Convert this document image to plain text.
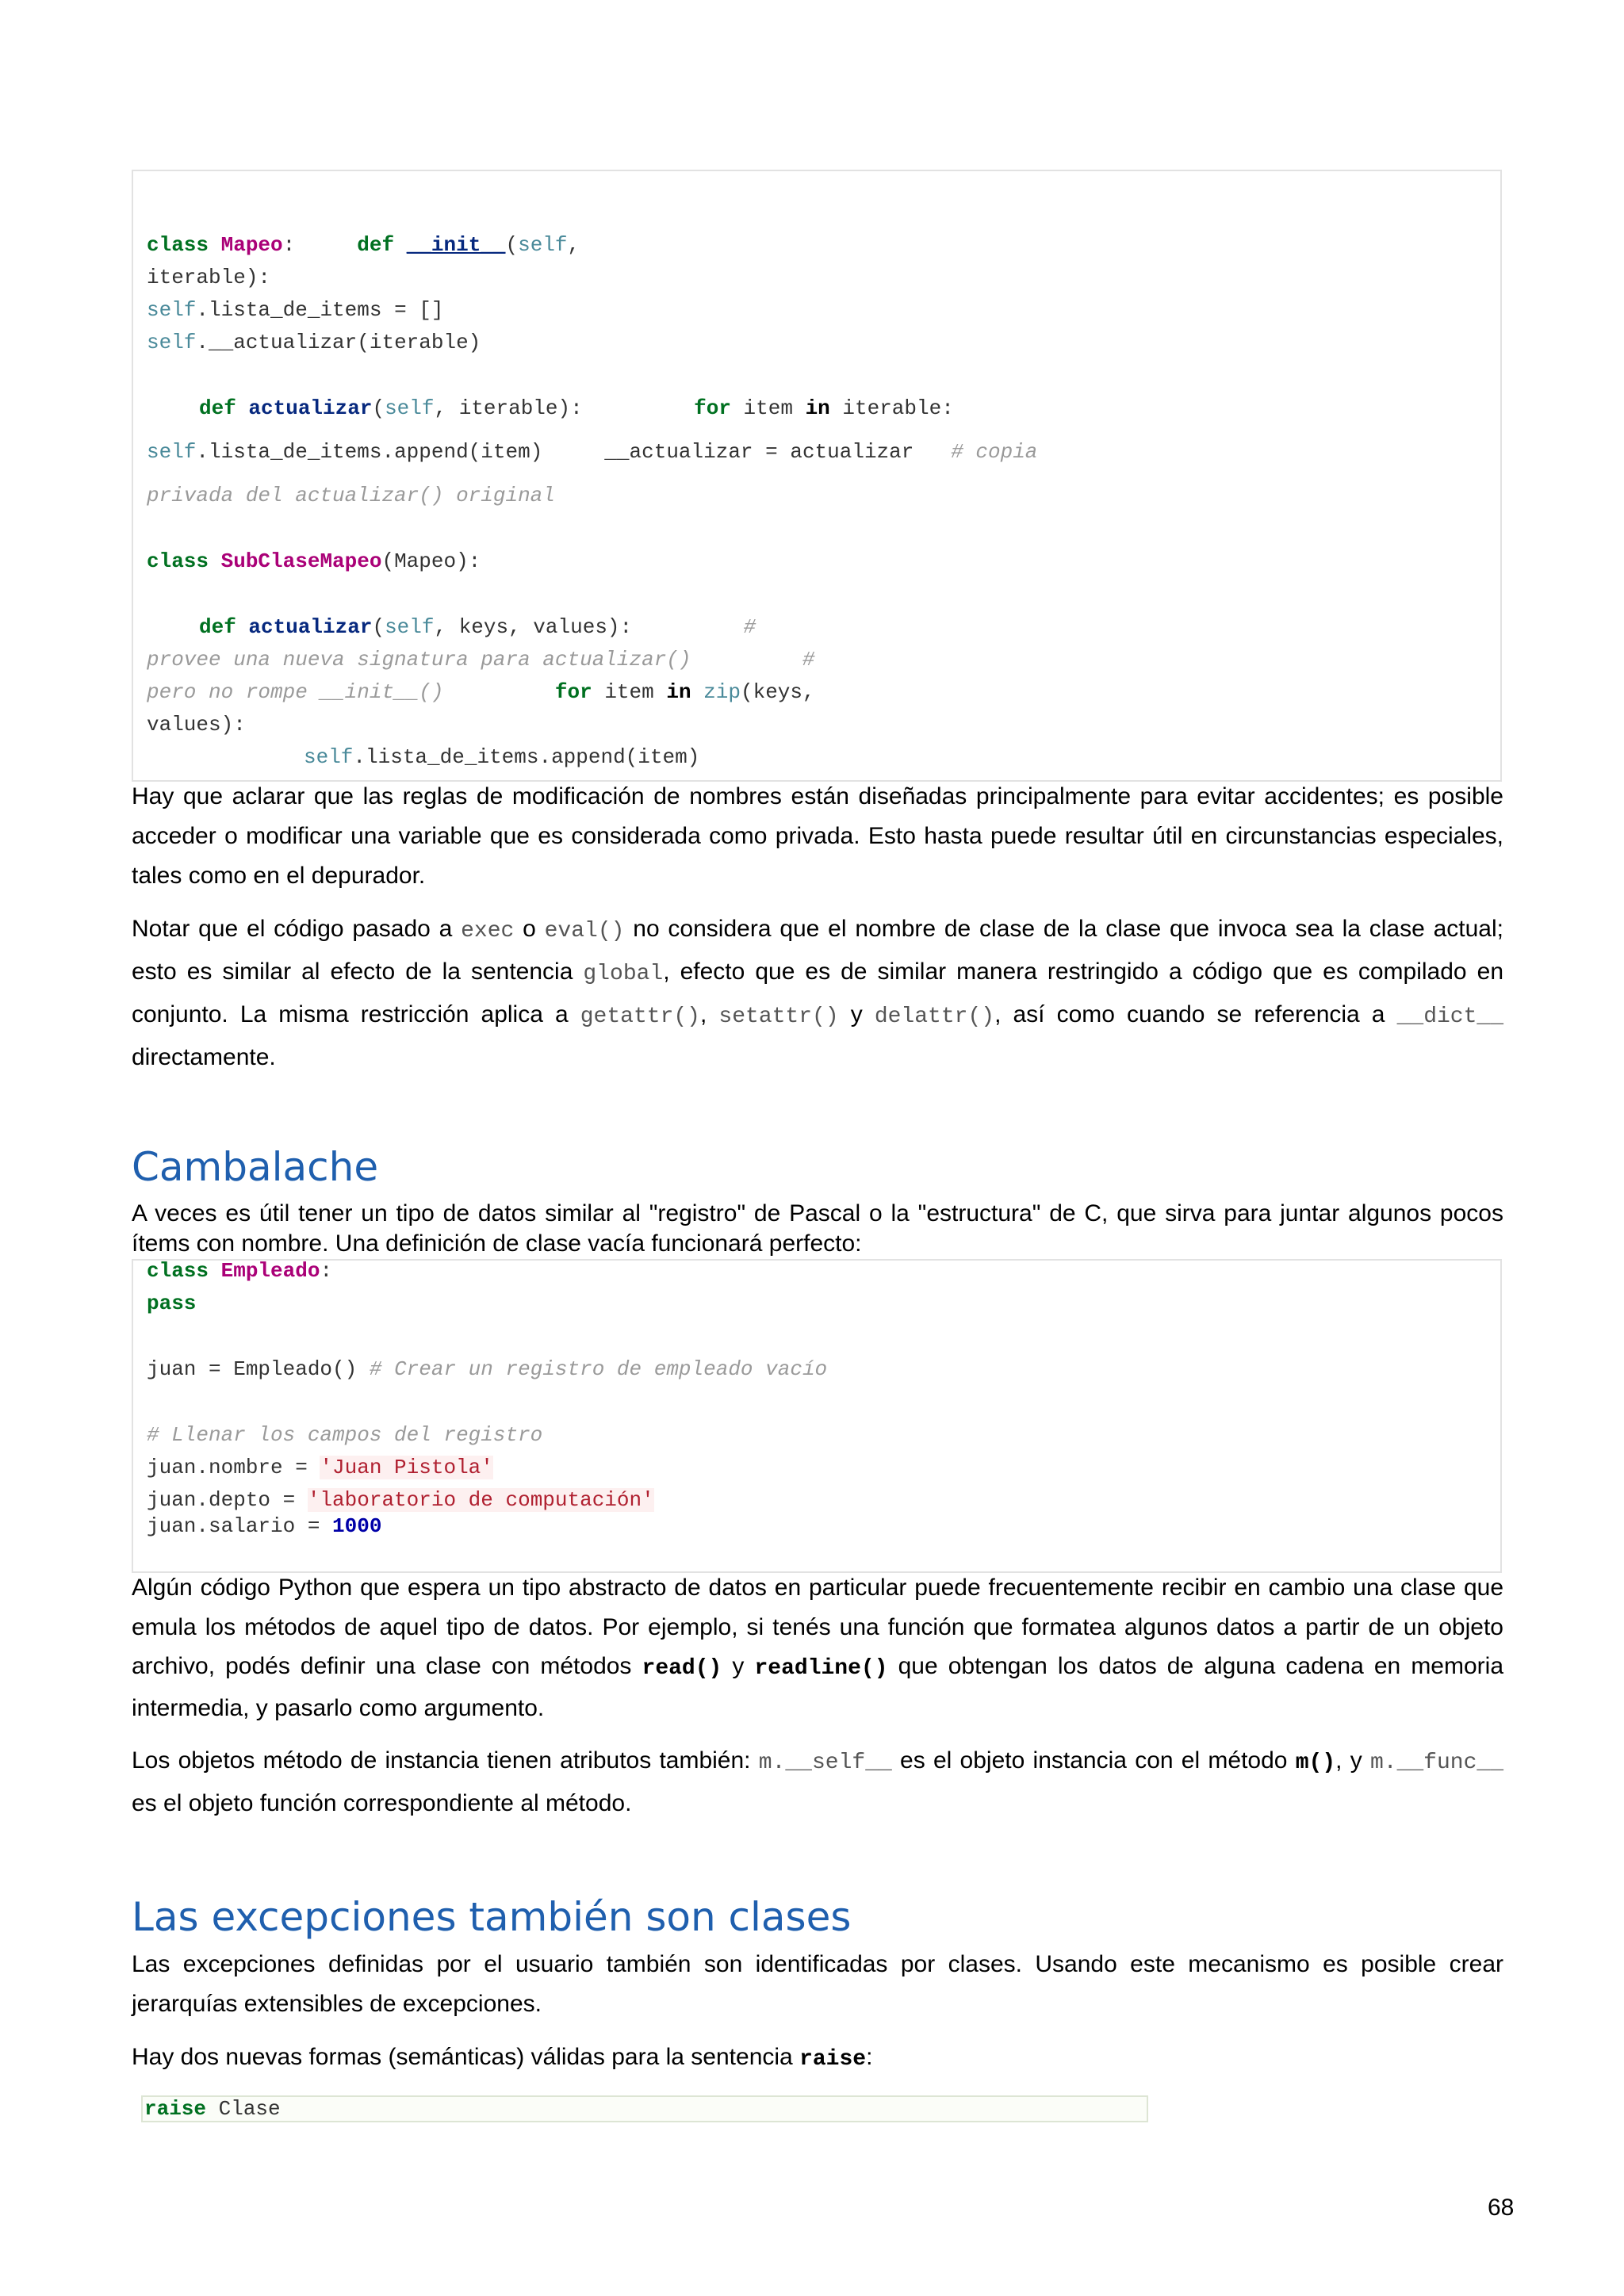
class Mapeo:     def __init__(self,
iterable):
self.lista_de_items = []
self.__actualizar(iterable)
def actualizar(self, iterable):         for item in iterable:
self.lista_de_items.append(item)     __actualizar = actualizar   # copia
privada del actualizar() original
class SubClaseMapeo(Mapeo):
def actualizar(self, keys, values):         #
provee una nueva signatura para actualizar()         #
pero no rompe __init__()	for item in zip(keys,
values):
self.lista_de_items.append(item)

Hay que aclarar que las reglas de modificación de nombres están diseñadas principalmente para evitar accidentes; es posible acceder o modificar una variable que es considerada como privada. Esto hasta puede resultar útil en circunstancias especiales, tales como en el depurador.

Notar que el código pasado a exec o eval() no considera que el nombre de clase de la clase que invoca sea la clase actual; esto es similar al efecto de la sentencia global, efecto que es de similar manera restringido a código que es compilado en conjunto. La misma restricción aplica a getattr(), setattr() y delattr(), así como cuando se referencia a __dict__ directamente.

Cambalache

A veces es útil tener un tipo de datos similar al "registro" de Pascal o la "estructura" de C, que sirva para juntar algunos pocos ítems con nombre. Una definición de clase vacía funcionará perfecto:

class Empleado:
pass
juan = Empleado() # Crear un registro de empleado vacío
# Llenar los campos del registro
juan.nombre = 'Juan Pistola'
juan.depto = 'laboratorio de computación'
juan.salario = 1000

Algún código Python que espera un tipo abstracto de datos en particular puede frecuentemente recibir en cambio una clase que emula los métodos de aquel tipo de datos. Por ejemplo, si tenés una función que formatea algunos datos a partir de un objeto archivo, podés definir una clase con métodos read() y readline() que obtengan los datos de alguna cadena en memoria intermedia, y pasarlo como argumento.

Los objetos método de instancia tienen atributos también: m.__self__ es el objeto instancia con el método m(), y m.__func__ es el objeto función correspondiente al método.

Las excepciones también son clases

Las excepciones definidas por el usuario también son identificadas por clases. Usando este mecanismo es posible crear jerarquías extensibles de excepciones.

Hay dos nuevas formas (semánticas) válidas para la sentencia raise:

raise Clase
68
